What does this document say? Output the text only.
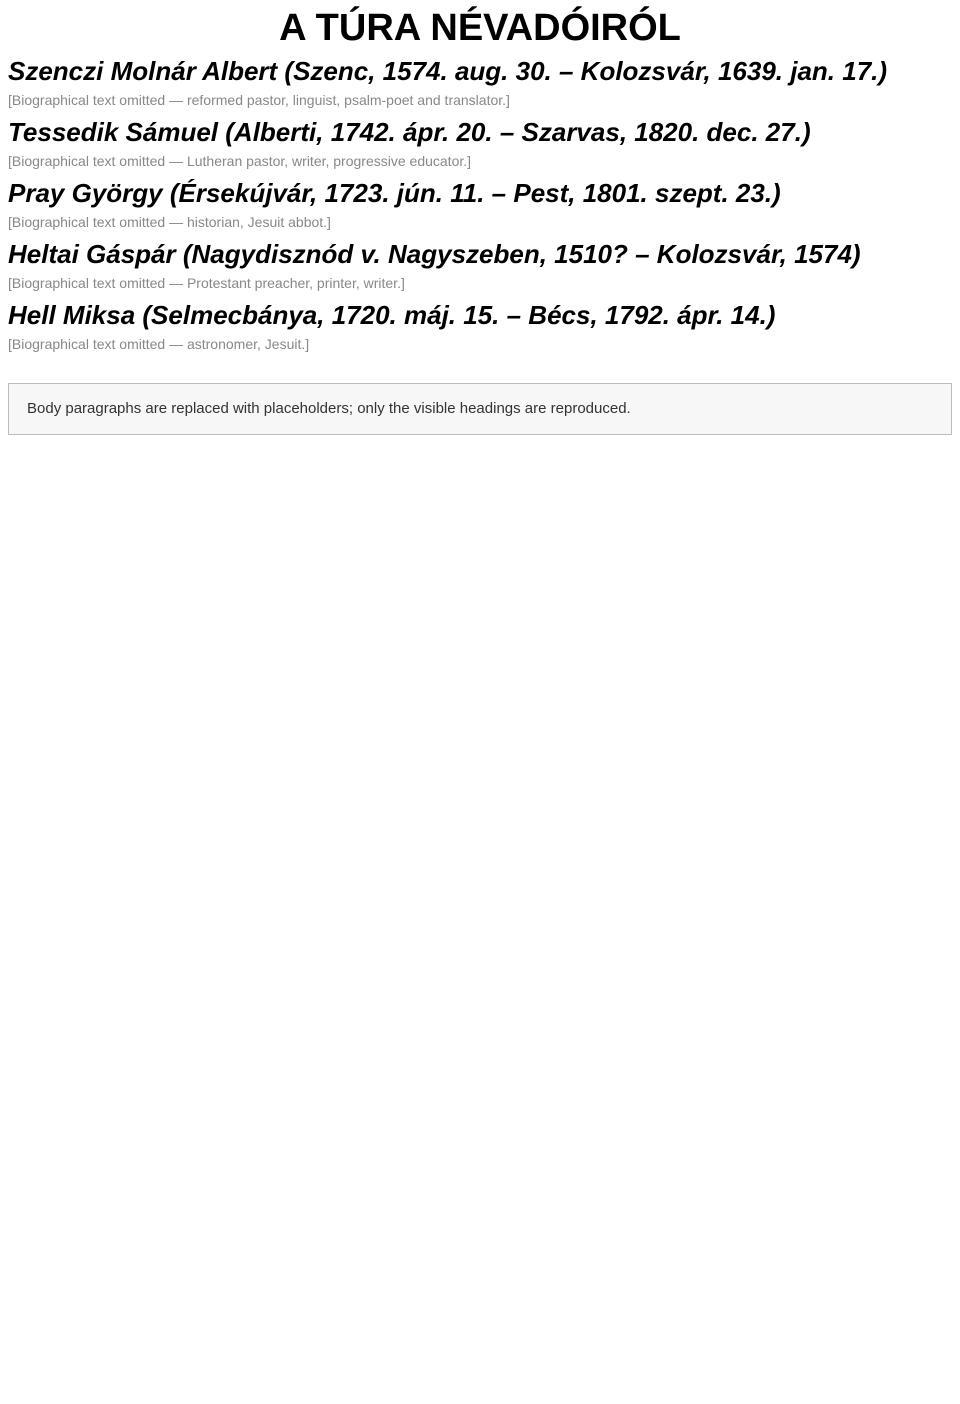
A TÚRA NÉVADÓIRÓL
Szenczi Molnár Albert (Szenc, 1574. aug. 30. – Kolozsvár, 1639. jan. 17.)

[Biographical text omitted — reformed pastor, linguist, psalm-poet and translator.]

Tessedik Sámuel (Alberti, 1742. ápr. 20. – Szarvas, 1820. dec. 27.)

[Biographical text omitted — Lutheran pastor, writer, progressive educator.]

Pray György (Érsekújvár, 1723. jún. 11. – Pest, 1801. szept. 23.)

[Biographical text omitted — historian, Jesuit abbot.]

Heltai Gáspár (Nagydisznód v. Nagyszeben, 1510? – Kolozsvár, 1574)

[Biographical text omitted — Protestant preacher, printer, writer.]

Hell Miksa (Selmecbánya, 1720. máj. 15. – Bécs, 1792. ápr. 14.)

[Biographical text omitted — astronomer, Jesuit.]

Body paragraphs are replaced with placeholders; only the visible headings are reproduced.
